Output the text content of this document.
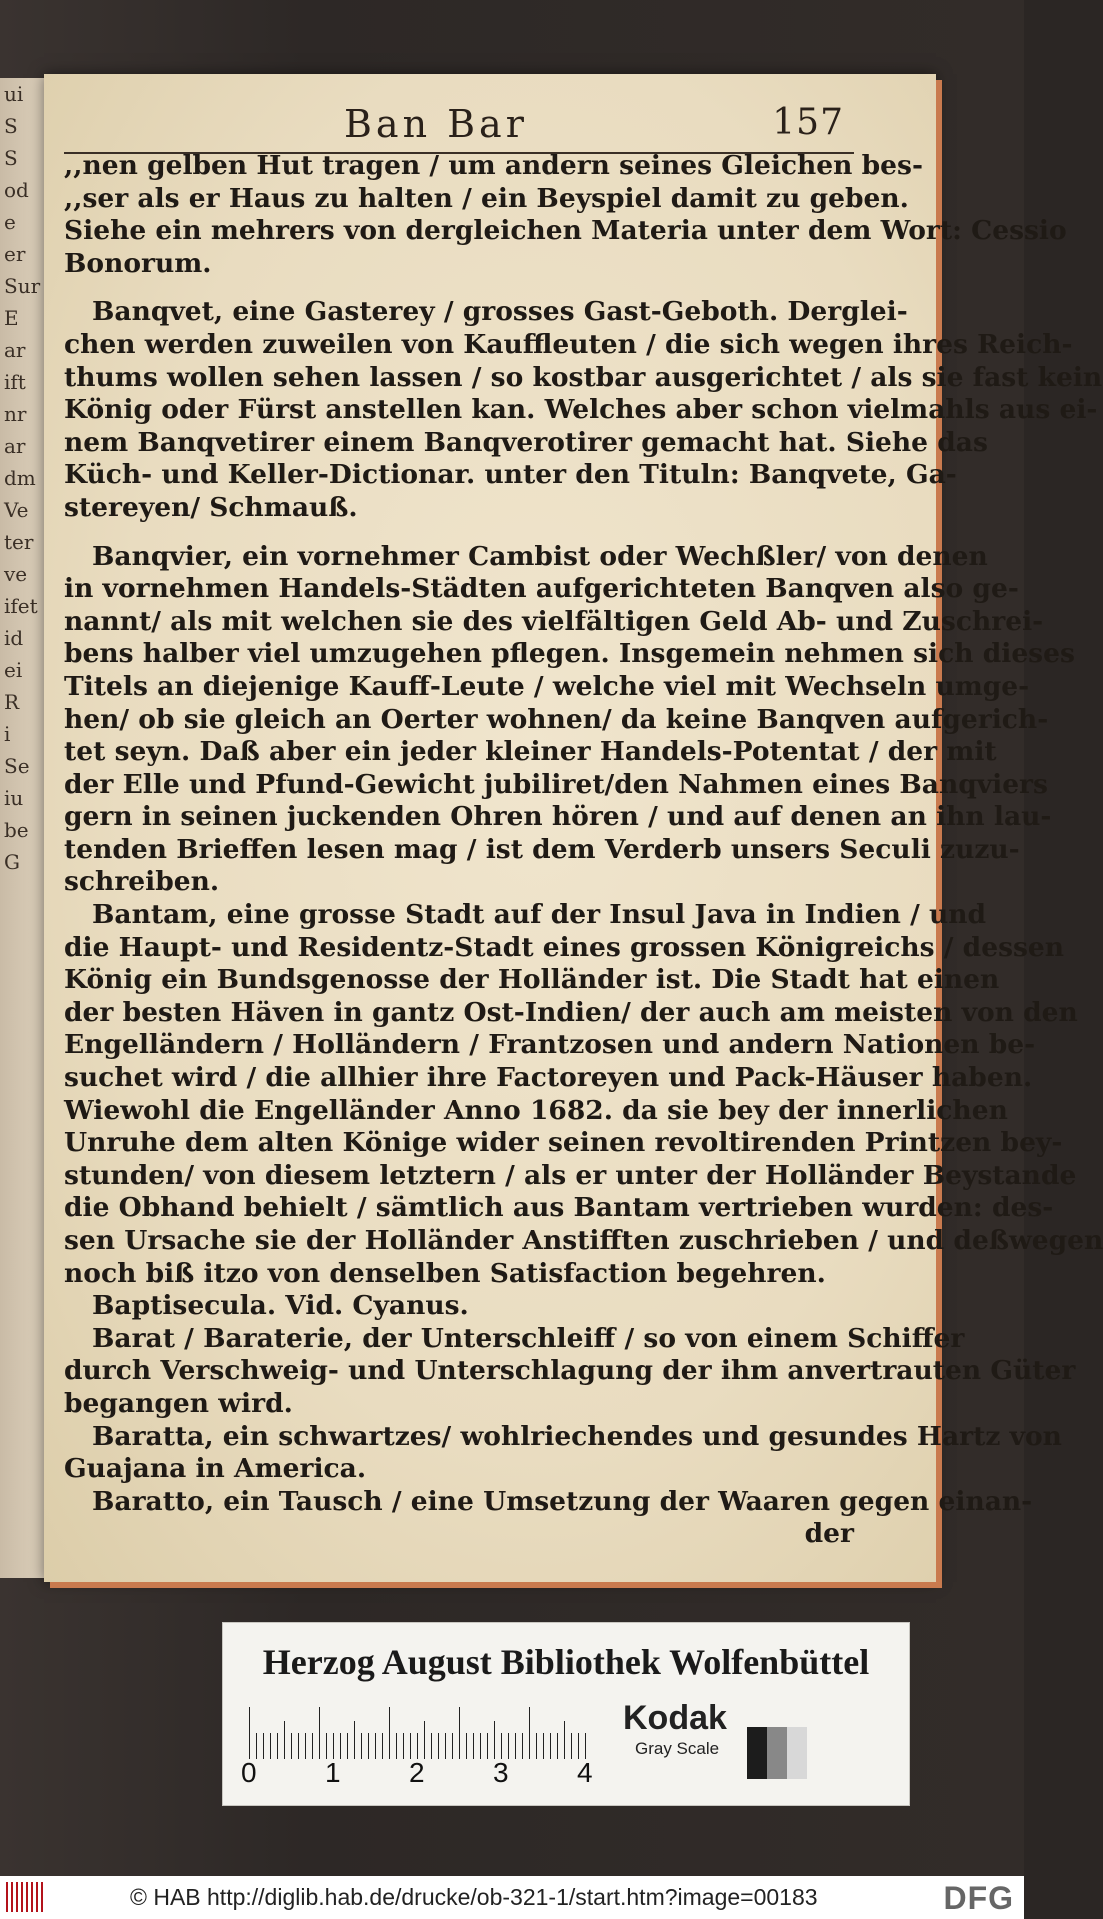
ui
S
S
od
e
er
Sur
E
ar
ift
nr
ar
dm
Ve
ter
ve
ifet
id
ei
R
i
Se
iu
be
G
Ban Bar	157
,,nen gelben Hut tragen / um andern seines Gleichen bes-
,,ser als er Haus zu halten / ein Beyspiel damit zu geben.
Siehe ein mehrers von dergleichen Materia unter dem Wort: Cessio
Bonorum.
Banqvet, eine Gasterey / grosses Gast-Geboth. Derglei-
chen werden zuweilen von Kauffleuten / die sich wegen ihres Reich-
thums wollen sehen lassen / so kostbar ausgerichtet / als sie fast kein
König oder Fürst anstellen kan. Welches aber schon vielmahls aus ei-
nem Banqvetirer einem Banqverotirer gemacht hat. Siehe das
Küch- und Keller-Dictionar. unter den Tituln: Banqvete, Ga-
stereyen/ Schmauß.
Banqvier, ein vornehmer Cambist oder Wechßler/ von denen
in vornehmen Handels-Städten aufgerichteten Banqven also ge-
nannt/ als mit welchen sie des vielfältigen Geld Ab- und Zuschrei-
bens halber viel umzugehen pflegen. Insgemein nehmen sich dieses
Titels an diejenige Kauff-Leute / welche viel mit Wechseln umge-
hen/ ob sie gleich an Oerter wohnen/ da keine Banqven aufgerich-
tet seyn. Daß aber ein jeder kleiner Handels-Potentat / der mit
der Elle und Pfund-Gewicht jubiliret/den Nahmen eines Banqviers
gern in seinen juckenden Ohren hören / und auf denen an ihn lau-
tenden Brieffen lesen mag / ist dem Verderb unsers Seculi zuzu-
schreiben.
Bantam, eine grosse Stadt auf der Insul Java in Indien / und
die Haupt- und Residentz-Stadt eines grossen Königreichs / dessen
König ein Bundsgenosse der Holländer ist. Die Stadt hat einen
der besten Häven in gantz Ost-Indien/ der auch am meisten von den
Engelländern / Holländern / Frantzosen und andern Nationen be-
suchet wird / die allhier ihre Factoreyen und Pack-Häuser haben.
Wiewohl die Engelländer Anno 1682. da sie bey der innerlichen
Unruhe dem alten Könige wider seinen revoltirenden Printzen bey-
stunden/ von diesem letztern / als er unter der Holländer Beystande
die Obhand behielt / sämtlich aus Bantam vertrieben wurden: des-
sen Ursache sie der Holländer Anstifften zuschrieben / und deßwegen
noch biß itzo von denselben Satisfaction begehren.
Baptisecula. Vid. Cyanus.
Barat / Baraterie, der Unterschleiff / so von einem Schiffer
durch Verschweig- und Unterschlagung der ihm anvertrauten Güter
begangen wird.
Baratta, ein schwartzes/ wohlriechendes und gesundes Hartz von
Guajana in America.
Baratto, ein Tausch / eine Umsetzung der Waaren gegen einan-
der
Herzog August Bibliothek Wolfenbüttel
0 1 2 3 4
Kodak
Gray Scale
© HAB http://diglib.hab.de/drucke/ob-321-1/start.htm?image=00183	DFG
